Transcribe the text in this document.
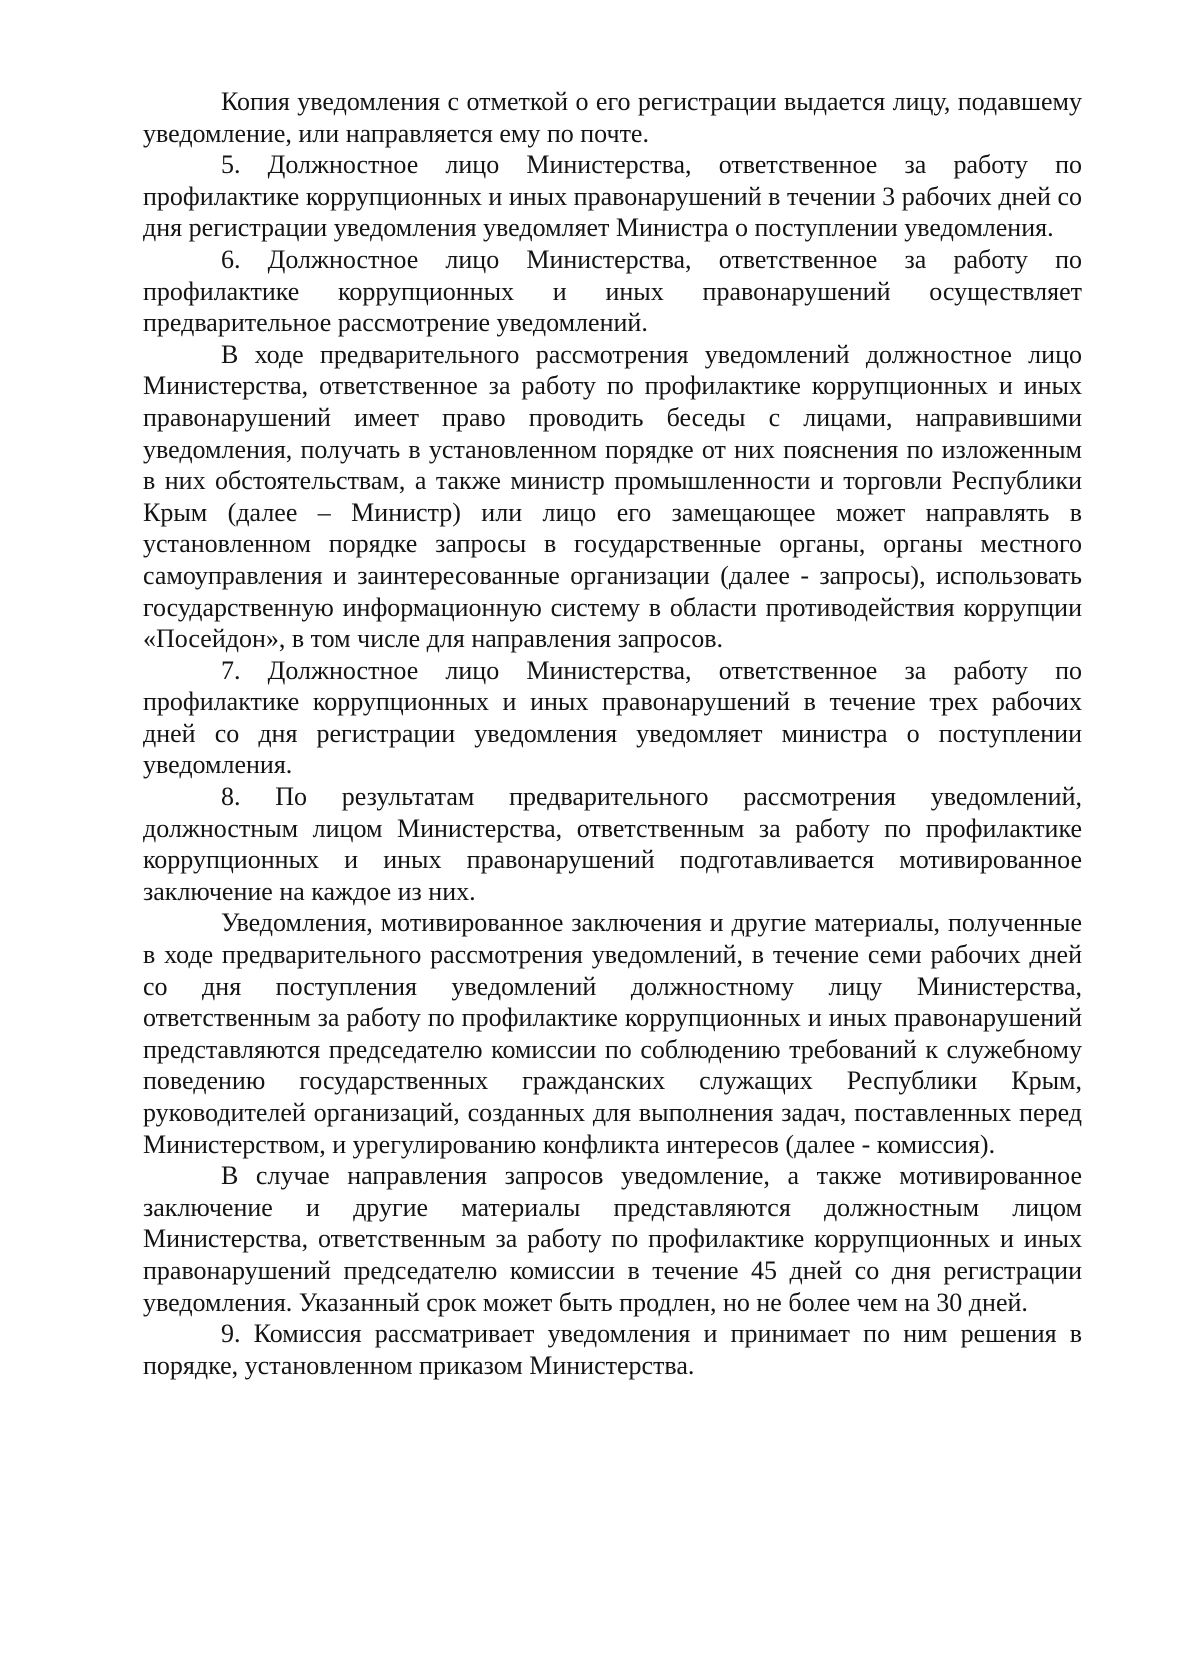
Копия уведомления с отметкой о его регистрации выдается лицу, подавшему уведомление, или направляется ему по почте.

5. Должностное лицо Министерства, ответственное за работу по профилактике коррупционных и иных правонарушений в течении 3 рабочих дней со дня регистрации уведомления уведомляет Министра о поступлении уведомления.

6. Должностное лицо Министерства, ответственное за работу по профилактике коррупционных и иных правонарушений осуществляет предварительное рассмотрение уведомлений.

В ходе предварительного рассмотрения уведомлений должностное лицо Министерства, ответственное за работу по профилактике коррупционных и иных правонарушений имеет право проводить беседы с лицами, направившими уведомления, получать в установленном порядке от них пояснения по изложенным в них обстоятельствам, а также министр промышленности и торговли Республики Крым (далее – Министр) или лицо его замещающее может направлять в установленном порядке запросы в государственные органы, органы местного самоуправления и заинтересованные организации (далее - запросы), использовать государственную информационную систему в области противодействия коррупции «Посейдон», в том числе для направления запросов.

7. Должностное лицо Министерства, ответственное за работу по профилактике коррупционных и иных правонарушений в течение трех рабочих дней со дня регистрации уведомления уведомляет министра о поступлении уведомления.

8. По результатам предварительного рассмотрения уведомлений, должностным лицом Министерства, ответственным за работу по профилактике коррупционных и иных правонарушений подготавливается мотивированное заключение на каждое из них.

Уведомления, мотивированное заключения и другие материалы, полученные в ходе предварительного рассмотрения уведомлений, в течение семи рабочих дней со дня поступления уведомлений должностному лицу Министерства, ответственным за работу по профилактике коррупционных и иных правонарушений представляются председателю комиссии по соблюдению требований к служебному поведению государственных гражданских служащих Республики Крым, руководителей организаций, созданных для выполнения задач, поставленных перед Министерством, и урегулированию конфликта интересов (далее - комиссия).

В случае направления запросов уведомление, а также мотивированное заключение и другие материалы представляются должностным лицом Министерства, ответственным за работу по профилактике коррупционных и иных правонарушений председателю комиссии в течение 45 дней со дня регистрации уведомления. Указанный срок может быть продлен, но не более чем на 30 дней.

9. Комиссия рассматривает уведомления и принимает по ним решения в порядке, установленном приказом Министерства.
